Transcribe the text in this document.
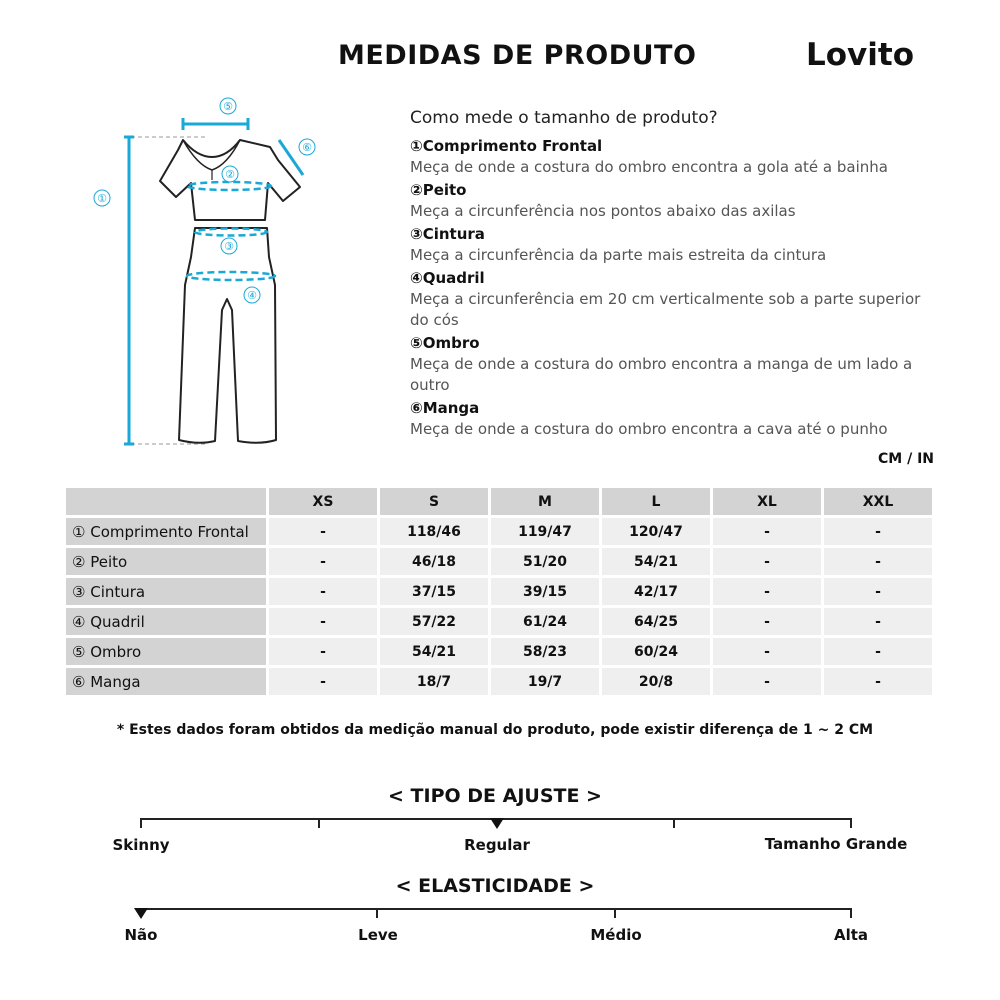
MEDIDAS DE PRODUTO	Lovito
①
⑤
⑥
②
③
④
Como mede o tamanho de produto?
①Comprimento Frontal
Meça de onde a costura do ombro encontra a gola até a bainha
②Peito
Meça a circunferência nos pontos abaixo das axilas
③Cintura
Meça a circunferência da parte mais estreita da cintura
④Quadril
Meça a circunferência em 20 cm verticalmente sob a parte superior do cós
⑤Ombro
Meça de onde a costura do ombro encontra a manga de um lado a outro
⑥Manga
Meça de onde a costura do ombro encontra a cava até o punho
CM / IN
	XS	S	M	L	XL	XXL
① Comprimento Frontal	-	118/46	119/47	120/47	-	-
② Peito	-	46/18	51/20	54/21	-	-
③ Cintura	-	37/15	39/15	42/17	-	-
④ Quadril	-	57/22	61/24	64/25	-	-
⑤ Ombro	-	54/21	58/23	60/24	-	-
⑥ Manga	-	18/7	19/7	20/8	-	-
* Estes dados foram obtidos da medição manual do produto, pode existir diferença de 1 ~ 2 CM
< TIPO DE AJUSTE >
Skinny	Regular	Tamanho Grande
< ELASTICIDADE >
Não	Leve	Médio	Alta
